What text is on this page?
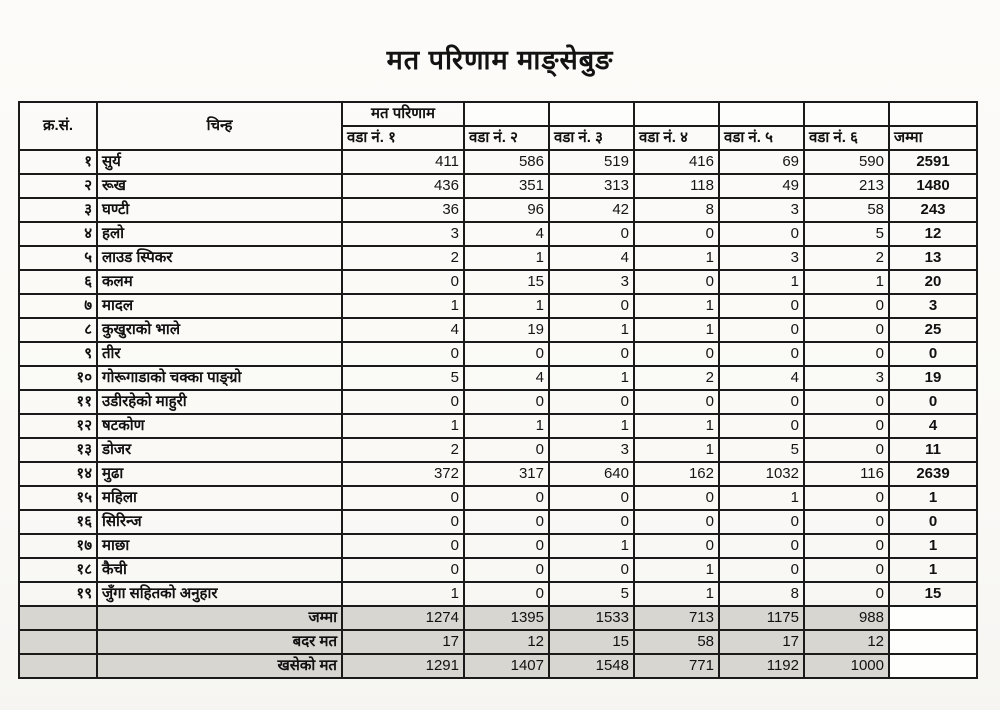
मत परिणाम माङ्सेबुङ
क्र.सं.	चिन्ह	मत परिणाम						
		वडा नं. १	वडा नं. २	वडा नं. ३	वडा नं. ४	वडा नं. ५	वडा नं. ६	जम्मा
१	सुर्य	411	586	519	416	69	590	2591
२	रूख	436	351	313	118	49	213	1480
३	घण्टी	36	96	42	8	3	58	243
४	हलो	3	4	0	0	0	5	12
५	लाउड स्पिकर	2	1	4	1	3	2	13
६	कलम	0	15	3	0	1	1	20
७	मादल	1	1	0	1	0	0	3
८	कुखुराको भाले	4	19	1	1	0	0	25
९	तीर	0	0	0	0	0	0	0
१०	गोरूगाडाको चक्का पाङ्ग्रो	5	4	1	2	4	3	19
११	उडीरहेको माहुरी	0	0	0	0	0	0	0
१२	षटकोण	1	1	1	1	0	0	4
१३	डोजर	2	0	3	1	5	0	11
१४	मुढा	372	317	640	162	1032	116	2639
१५	महिला	0	0	0	0	1	0	1
१६	सिरिन्ज	0	0	0	0	0	0	0
१७	माछा	0	0	1	0	0	0	1
१८	कैची	0	0	0	1	0	0	1
१९	जुँगा सहितको अनुहार	1	0	5	1	8	0	15
	जम्मा	1274	1395	1533	713	1175	988	
	बदर मत	17	12	15	58	17	12	
	खसेको मत	1291	1407	1548	771	1192	1000	
